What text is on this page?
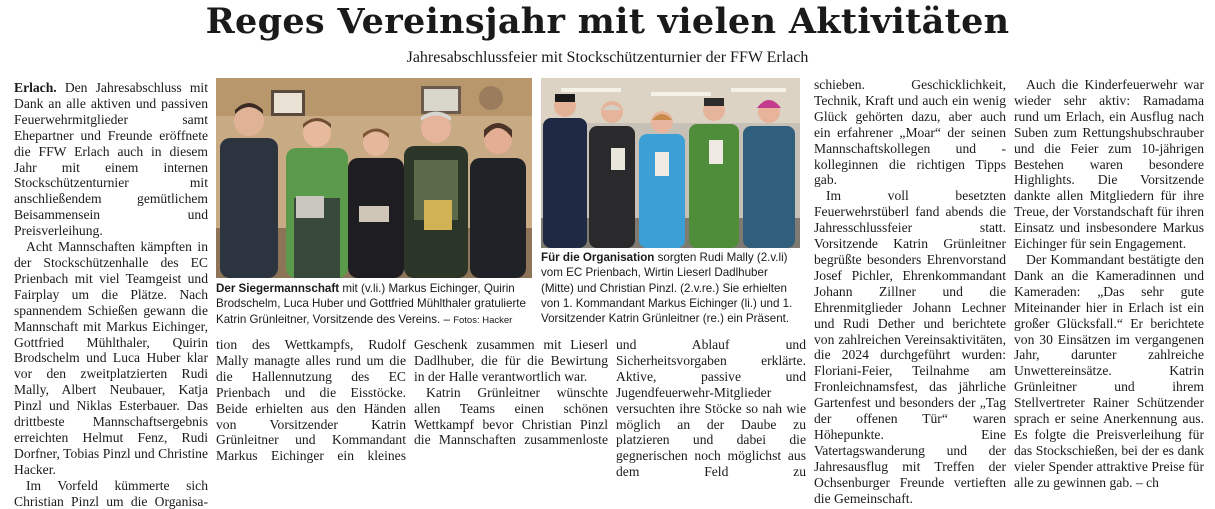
Reges Vereinsjahr mit vielen Aktivitäten
Jahresabschlussfeier mit Stockschützenturnier der FFW Erlach

Erlach. Den Jahresabschluss mit Dank an alle aktiven und passiven Feuerwehrmitglieder samt Ehepartner und Freunde eröffnete die FFW Erlach auch in diesem Jahr mit einem internen Stockschützenturnier mit anschließendem gemütlichem Beisammensein und Preisverleihung.

Acht Mannschaften kämpften in der Stockschützenhalle des EC Prienbach mit viel Teamgeist und Fairplay um die Plätze. Nach spannendem Schießen gewann die Mannschaft mit Markus Eichinger, Gottfried Mühlthaler, Quirin Brodschelm und Luca Huber klar vor den zweitplatzierten Rudi Mally, Albert Neubauer, Katja Pinzl und Niklas Esterbauer. Das drittbeste Mannschaftsergebnis erreichten Helmut Fenz, Rudi Dorfner, Tobias Pinzl und Christine Hacker.

Im Vorfeld kümmerte sich Christian Pinzl um die Organisa-

Der Siegermannschaft mit (v.li.) Markus Eichinger, Quirin Brodschelm, Luca Huber und Gottfried Mühlthaler gratulierte Katrin Grünleitner, Vorsitzende des Vereins. – Fotos: Hacker
Für die Organisation sorgten Rudi Mally (2.v.li) vom EC Prienbach, Wirtin Lieserl Dadlhuber (Mitte) und Christian Pinzl. (2.v.re.) Sie erhielten von 1. Kommandant Markus Eichinger (li.) und 1. Vorsitzender Katrin Grünleitner (re.) ein Präsent.

tion des Wettkampfs, Rudolf Mally managte alles rund um die die Hallennutzung des EC Prienbach und die Eisstöcke. Beide erhielten aus den Händen von Vorsitzender Katrin Grünleitner und Kommandant Markus Eichinger ein kleines

Geschenk zusammen mit Lieserl Dadlhuber, die für die Bewirtung in der Halle verantwortlich war.

Katrin Grünleitner wünschte allen Teams einen schönen Wettkampf bevor Christian Pinzl die Mannschaften zusammenloste

und Ablauf und Sicherheitsvorgaben erklärte. Aktive, passive und Jugendfeuerwehr-Mitglieder versuchten ihre Stöcke so nah wie möglich an der Daube zu platzieren und dabei die gegnerischen noch möglichst aus dem Feld zu

schieben. Geschicklichkeit, Technik, Kraft und auch ein wenig Glück gehörten dazu, aber auch ein erfahrener „Moar“ der seinen Mannschaftskollegen und -kolleginnen die richtigen Tipps gab.

Im voll besetzten Feuerwehrstüberl fand abends die Jahresschlussfeier statt. Vorsitzende Katrin Grünleitner begrüßte besonders Ehrenvorstand Josef Pichler, Ehrenkommandant Johann Zillner und die Ehrenmitglieder Johann Lechner und Rudi Dether und berichtete von zahlreichen Vereinsaktivitäten, die 2024 durchgeführt wurden: Floriani-Feier, Teilnahme am Fronleichnamsfest, das jährliche Gartenfest und besonders der „Tag der offenen Tür“ waren Höhepunkte. Eine Vatertagswanderung und der Jahresausflug mit Treffen der Ochsenburger Freunde vertieften die Gemeinschaft.

Auch die Kinderfeuerwehr war wieder sehr aktiv: Ramadama rund um Erlach, ein Ausflug nach Suben zum Rettungshubschrauber und die Feier zum 10-jährigen Bestehen waren besondere Highlights. Die Vorsitzende dankte allen Mitgliedern für ihre Treue, der Vorstandschaft für ihren Einsatz und insbesondere Markus Eichinger für sein Engagement.

Der Kommandant bestätigte den Dank an die Kameradinnen und Kameraden: „Das sehr gute Miteinander hier in Erlach ist ein großer Glücksfall.“ Er berichtete von 30 Einsätzen im vergangenen Jahr, darunter zahlreiche Unwettereinsätze. Katrin Grünleitner und ihrem Stellvertreter Rainer Schützender sprach er seine Anerkennung aus. Es folgte die Preisverleihung für das Stockschießen, bei der es dank vieler Spender attraktive Preise für alle zu gewinnen gab. – ch
